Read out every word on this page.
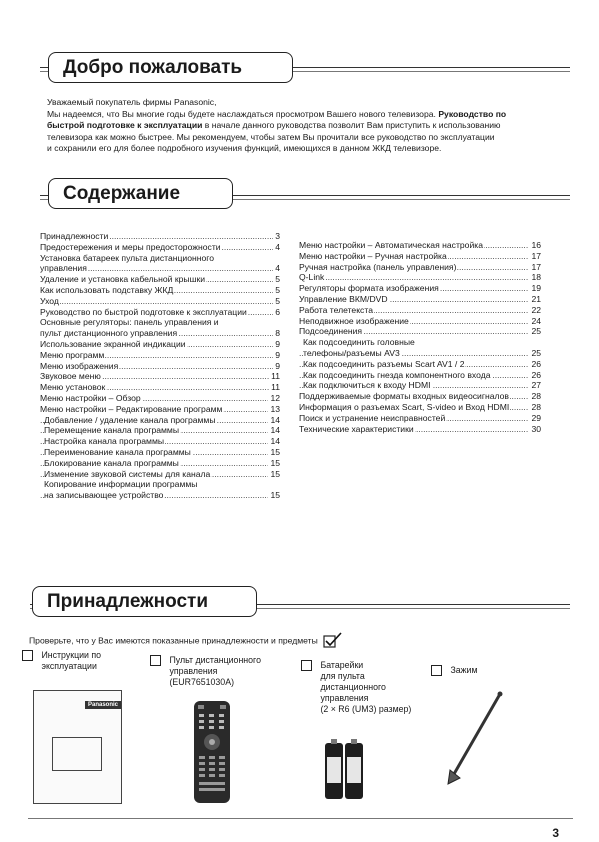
Добро пожаловать

Уважаемый покупатель фирмы Panasonic,

Мы надеемся, что Вы многие годы будете наслаждаться просмотром Вашего нового телевизора. Руководство по

быстрой подготовке к эксплуатации в начале данного руководства позволит Вам приступить к использованию

телевизора как можно быстрее. Мы рекомендуем, чтобы затем Вы прочитали все руководство по эксплуатации

и сохранили его для более подробного изучения функций, имеющихся в данном ЖКД телевизоре.

Содержание
..... Принадлежности	3
..... Предостережения и меры предосторожности	4
Установка батареек пульта дистанционного
..... управления	4
..... Удаление и установка кабельной крышки	5
..... Как использовать подставку ЖКД	5
..... Уход	5
..... Руководство по быстрой подготовке к эксплуатации	6
Основные регуляторы: панель управления и
..... пульт дистанционного управления	8
..... Использование экранной индикации	9
..... Меню программ	9
..... Меню изображения	9
..... Звуковое меню	11
..... Меню установок	11
..... Меню настройки – Обзор	12
..... Меню настройки – Редактирование программ	13
..... Добавление / удаление канала программы	14
..... Перемещение канала программы	14
..... Настройка канала программы	14
..... Переименование канала программы	15
..... Блокирование канала программы	15
..... Изменение звуковой системы для канала	15
Копирование информации программы
..... на записывающее устройство	15
..... Меню настройки – Автоматическая настройка	16
..... Меню настройки – Ручная настройка	17
..... Ручная настройка (панель управления)	17
..... Q-Link	18
..... Регуляторы формата изображения	19
..... Управление ВКМ/DVD	21
..... Работа телетекста	22
..... Неподвижное изображение	24
..... Подсоединения	25
Как подсоединить головные
..... телефоны/разъемы AV3	25
..... Как подсоединить разъемы Scart AV1 / 2	26
..... Как подсоединить гнезда компонентного входа	26
..... Как подключиться к входу HDMI	27
..... Поддерживаемые форматы входных видеосигналов	28
..... Информация о разъемах Scart, S-video и Вход HDMI	28
..... Поиск и устранение неисправностей	29
..... Технические характеристики	30
Принадлежности
Проверьте, что у Вас имеются показанные принадлежности и предметы

Инструкции по
эксплуатации
Panasonic

Пульт дистанционного
управления
(EUR7651030A)

Батарейки
для пульта
дистанционного
управления
(2 × R6 (UM3) размер)
Зажим
3
